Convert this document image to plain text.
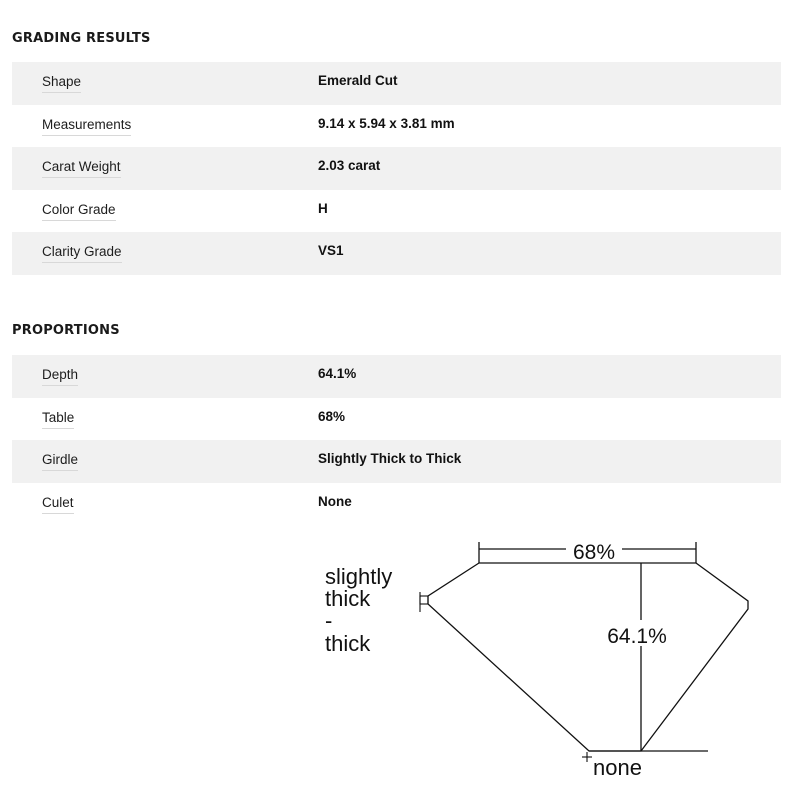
GRADING RESULTS
Shape	Emerald Cut
Measurements	9.14 x 5.94 x 3.81 mm
Carat Weight	2.03 carat
Color Grade	H
Clarity Grade	VS1
PROPORTIONS
Depth	64.1%
Table	68%
Girdle	Slightly Thick to Thick
Culet	None
68%
64.1%
slightly
thick
-
thick
none
